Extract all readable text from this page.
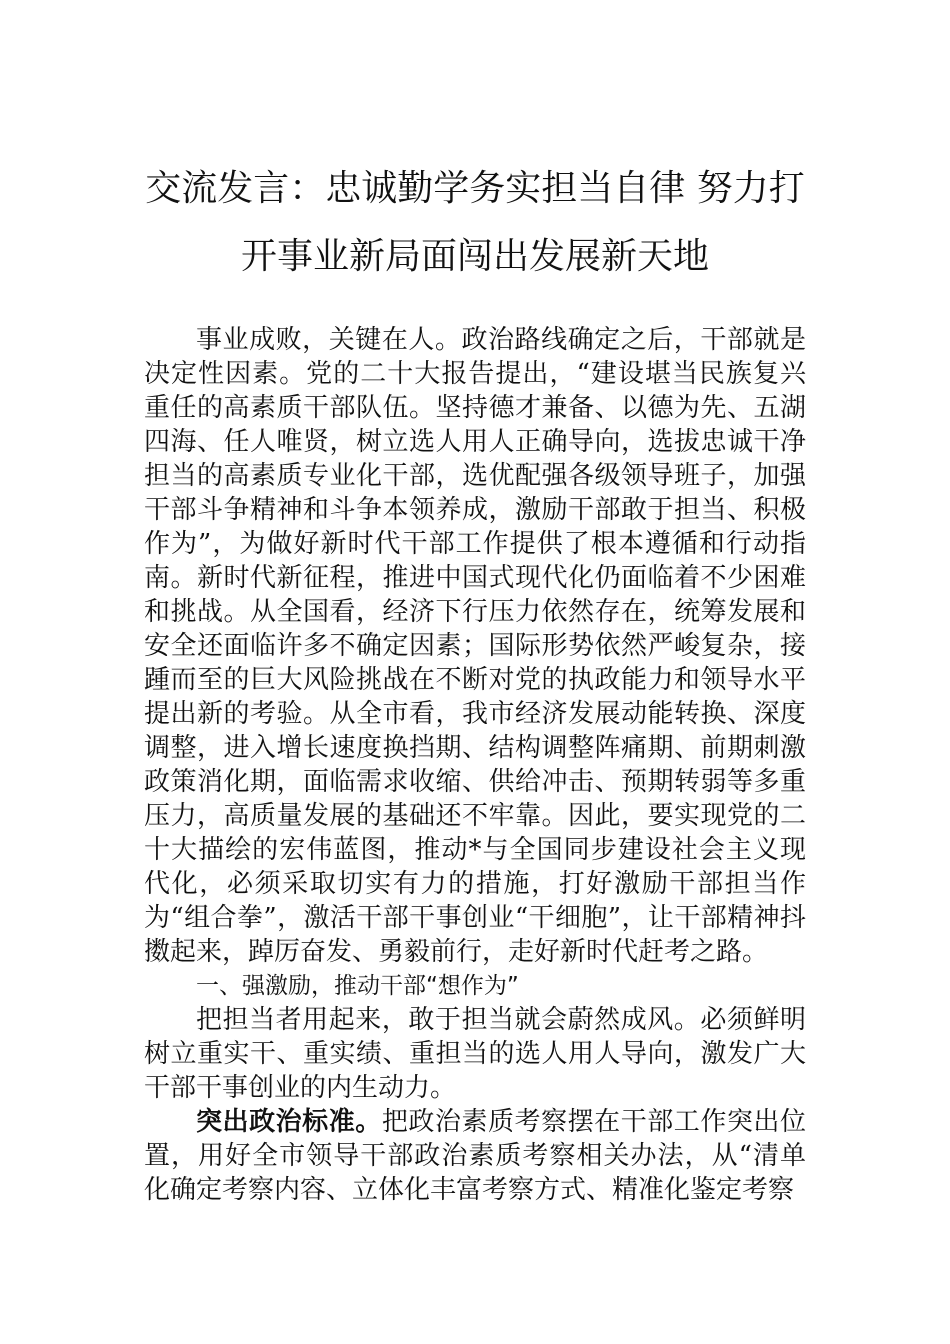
交流发言：忠诚勤学务实担当自律 努力打
开事业新局面闯出发展新天地

事业成败，关键在人。政治路线确定之后，干部就是决定性因素。党的二十大报告提出，“建设堪当民族复兴重任的高素质干部队伍。坚持德才兼备、以德为先、五湖四海、任人唯贤，树立选人用人正确导向，选拔忠诚干净担当的高素质专业化干部，选优配强各级领导班子，加强干部斗争精神和斗争本领养成，激励干部敢于担当、积极作为”，为做好新时代干部工作提供了根本遵循和行动指南。新时代新征程，推进中国式现代化仍面临着不少困难和挑战。从全国看，经济下行压力依然存在，统筹发展和安全还面临许多不确定因素；国际形势依然严峻复杂，接踵而至的巨大风险挑战在不断对党的执政能力和领导水平提出新的考验。从全市看，我市经济发展动能转换、深度调整，进入增长速度换挡期、结构调整阵痛期、前期刺激政策消化期，面临需求收缩、供给冲击、预期转弱等多重压力，高质量发展的基础还不牢靠。因此，要实现党的二十大描绘的宏伟蓝图，推动*与全国同步建设社会主义现代化，必须采取切实有力的措施，打好激励干部担当作为“组合拳”，激活干部干事创业“干细胞”，让干部精神抖擞起来，踔厉奋发、勇毅前行，走好新时代赶考之路。

一、强激励，推动干部“想作为”

把担当者用起来，敢于担当就会蔚然成风。必须鲜明树立重实干、重实绩、重担当的选人用人导向，激发广大干部干事创业的内生动力。

突出政治标准。把政治素质考察摆在干部工作突出位置，用好全市领导干部政治素质考察相关办法，从“清单化确定考察内容、立体化丰富考察方式、精准化鉴定考察
